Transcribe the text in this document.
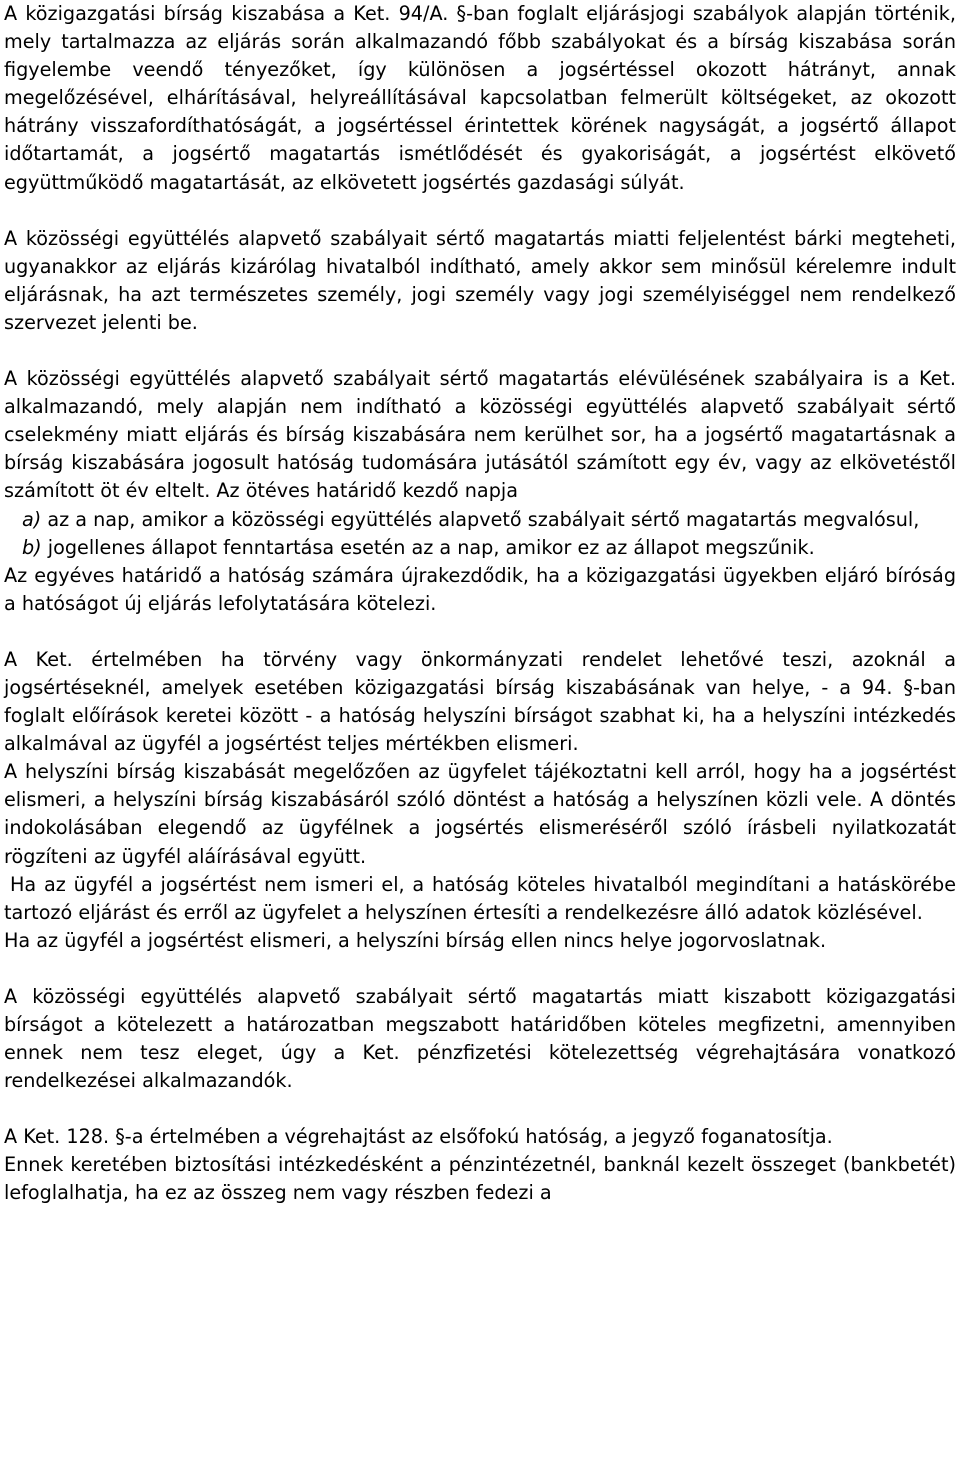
A közigazgatási bírság kiszabása a Ket. 94/A. §-ban foglalt eljárásjogi szabályok alapján történik, mely tartalmazza az eljárás során alkalmazandó főbb szabályokat és a bírság kiszabása során figyelembe veendő tényezőket, így különösen a jogsértéssel okozott hátrányt, annak megelőzésével, elhárításával, helyreállításával kapcsolatban felmerült költségeket, az okozott hátrány visszafordíthatóságát, a jogsértéssel érintettek körének nagyságát, a jogsértő állapot időtartamát, a jogsértő magatartás ismétlődését és gyakoriságát, a jogsértést elkövető együttműködő magatartását, az elkövetett jogsértés gazdasági súlyát.

A közösségi együttélés alapvető szabályait sértő magatartás miatti feljelentést bárki megteheti, ugyanakkor az eljárás kizárólag hivatalból indítható, amely akkor sem minősül kérelemre indult eljárásnak, ha azt természetes személy, jogi személy vagy jogi személyiséggel nem rendelkező szervezet jelenti be.

A közösségi együttélés alapvető szabályait sértő magatartás elévülésének szabályaira is a Ket. alkalmazandó, mely alapján nem indítható a közösségi együttélés alapvető szabályait sértő cselekmény miatt eljárás és bírság kiszabására nem kerülhet sor, ha a jogsértő magatartásnak a bírság kiszabására jogosult hatóság tudomására jutásától számított egy év, vagy az elkövetéstől számított öt év eltelt. Az ötéves határidő kezdő napja

a) az a nap, amikor a közösségi együttélés alapvető szabályait sértő magatartás megvalósul,

b) jogellenes állapot fenntartása esetén az a nap, amikor ez az állapot megszűnik.

Az egyéves határidő a hatóság számára újrakezdődik, ha a közigazgatási ügyekben eljáró bíróság a hatóságot új eljárás lefolytatására kötelezi.

A Ket. értelmében ha törvény vagy önkormányzati rendelet lehetővé teszi, azoknál a jogsértéseknél, amelyek esetében közigazgatási bírság kiszabásának van helye, - a 94. §-ban foglalt előírások keretei között - a hatóság helyszíni bírságot szabhat ki, ha a helyszíni intézkedés alkalmával az ügyfél a jogsértést teljes mértékben elismeri.

A helyszíni bírság kiszabását megelőzően az ügyfelet tájékoztatni kell arról, hogy ha a jogsértést elismeri, a helyszíni bírság kiszabásáról szóló döntést a hatóság a helyszínen közli vele. A döntés indokolásában elegendő az ügyfélnek a jogsértés elismeréséről szóló írásbeli nyilatkozatát rögzíteni az ügyfél aláírásával együtt.

Ha az ügyfél a jogsértést nem ismeri el, a hatóság köteles hivatalból megindítani a hatáskörébe tartozó eljárást és erről az ügyfelet a helyszínen értesíti a rendelkezésre álló adatok közlésével.

Ha az ügyfél a jogsértést elismeri, a helyszíni bírság ellen nincs helye jogorvoslatnak.

A közösségi együttélés alapvető szabályait sértő magatartás miatt kiszabott közigazgatási bírságot a kötelezett a határozatban megszabott határidőben köteles megfizetni, amennyiben ennek nem tesz eleget, úgy a Ket. pénzfizetési kötelezettség végrehajtására vonatkozó rendelkezései alkalmazandók.

A Ket. 128. §-a értelmében a végrehajtást az elsőfokú hatóság, a jegyző foganatosítja.

Ennek keretében biztosítási intézkedésként a pénzintézetnél, banknál kezelt összeget (bankbetét) lefoglalhatja, ha ez az összeg nem vagy részben fedezi a
